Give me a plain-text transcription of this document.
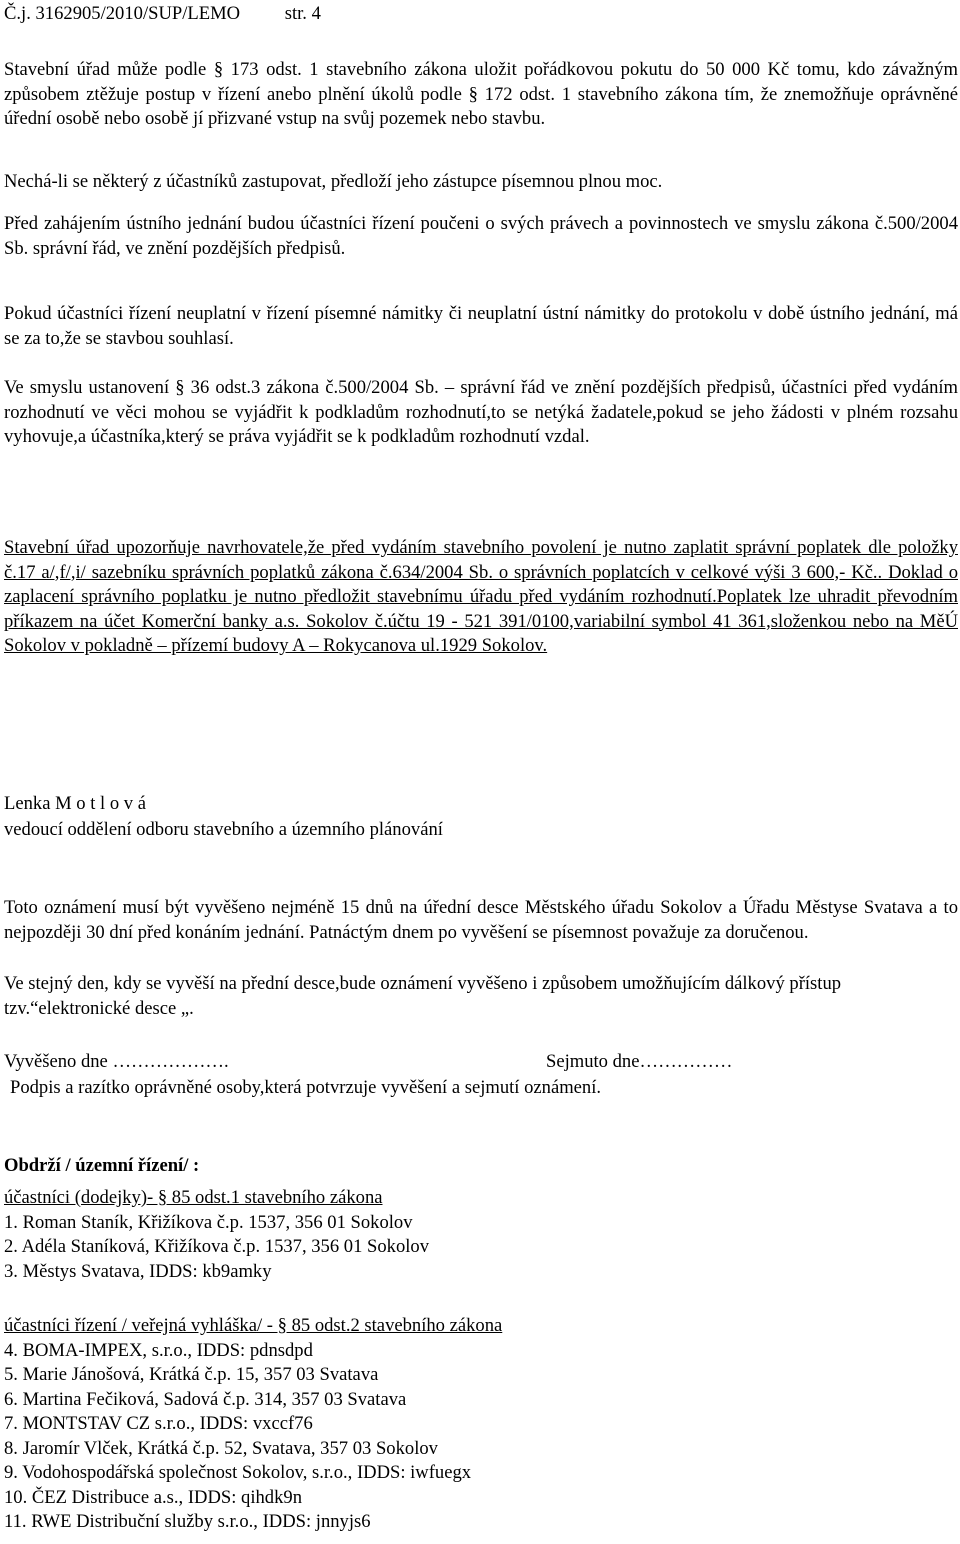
Č.j. 3162905/2010/SUP/LEMO str. 4

Stavební úřad může podle § 173 odst. 1 stavebního zákona uložit pořádkovou pokutu do 50 000 Kč tomu, kdo závažným způsobem ztěžuje postup v řízení anebo plnění úkolů podle § 172 odst. 1 stavebního zákona tím, že znemožňuje oprávněné úřední osobě nebo osobě jí přizvané vstup na svůj pozemek nebo stavbu.

Nechá-li se některý z účastníků zastupovat, předloží jeho zástupce písemnou plnou moc.

Před zahájením ústního jednání budou účastníci řízení poučeni o svých právech a povinnostech ve smyslu zákona č.500/2004 Sb. správní řád, ve znění pozdějších předpisů.

Pokud účastníci řízení neuplatní v řízení písemné námitky či neuplatní ústní námitky do protokolu v době ústního jednání, má se za to,že se stavbou souhlasí.

Ve smyslu ustanovení § 36 odst.3 zákona č.500/2004 Sb. – správní řád ve znění pozdějších předpisů, účastníci před vydáním rozhodnutí ve věci mohou se vyjádřit k podkladům rozhodnutí,to se netýká žadatele,pokud se jeho žádosti v plném rozsahu vyhovuje,a účastníka,který se práva vyjádřit se k podkladům rozhodnutí vzdal.

Stavební úřad upozorňuje navrhovatele,že před vydáním stavebního povolení je nutno zaplatit správní poplatek dle položky č.17 a/,f/,i/ sazebníku správních poplatků zákona č.634/2004 Sb. o správních poplatcích v celkové výši 3 600,- Kč.. Doklad o zaplacení správního poplatku je nutno předložit stavebnímu úřadu před vydáním rozhodnutí.Poplatek lze uhradit převodním příkazem na účet Komerční banky a.s. Sokolov č.účtu 19 - 521 391/0100,variabilní symbol 41 361,složenkou nebo na MěÚ Sokolov v pokladně – přízemí budovy A – Rokycanova ul.1929 Sokolov.

Lenka M o t l o v á
vedoucí oddělení odboru stavebního a územního plánování

Toto oznámení musí být vyvěšeno nejméně 15 dnů na úřední desce Městského úřadu Sokolov a Úřadu Městyse Svatava a to nejpozději 30 dní před konáním jednání. Patnáctým dnem po vyvěšení se písemnost považuje za doručenou.

Ve stejný den, kdy se vyvěší na přední desce,bude oznámení vyvěšeno i způsobem umožňujícím dálkový přístup tzv.“elektronické desce „.

Vyvěšeno dne ……………….	Sejmuto dne……………
Podpis a razítko oprávněné osoby,která potvrzuje vyvěšení a sejmutí oznámení.
Obdrží / územní řízení/ :
účastníci (dodejky)- § 85 odst.1 stavebního zákona
1. Roman Staník, Křižíkova č.p. 1537, 356 01 Sokolov
2. Adéla Staníková, Křižíkova č.p. 1537, 356 01 Sokolov
3. Městys Svatava, IDDS: kb9amky
účastníci řízení / veřejná vyhláška/ - § 85 odst.2 stavebního zákona
4. BOMA-IMPEX, s.r.o., IDDS: pdnsdpd
5. Marie Jánošová, Krátká č.p. 15, 357 03 Svatava
6. Martina Fečiková, Sadová č.p. 314, 357 03 Svatava
7. MONTSTAV CZ s.r.o., IDDS: vxccf76
8. Jaromír Vlček, Krátká č.p. 52, Svatava, 357 03 Sokolov
9. Vodohospodářská společnost Sokolov, s.r.o., IDDS: iwfuegx
10. ČEZ Distribuce a.s., IDDS: qihdk9n
11. RWE Distribuční služby s.r.o., IDDS: jnnyjs6
